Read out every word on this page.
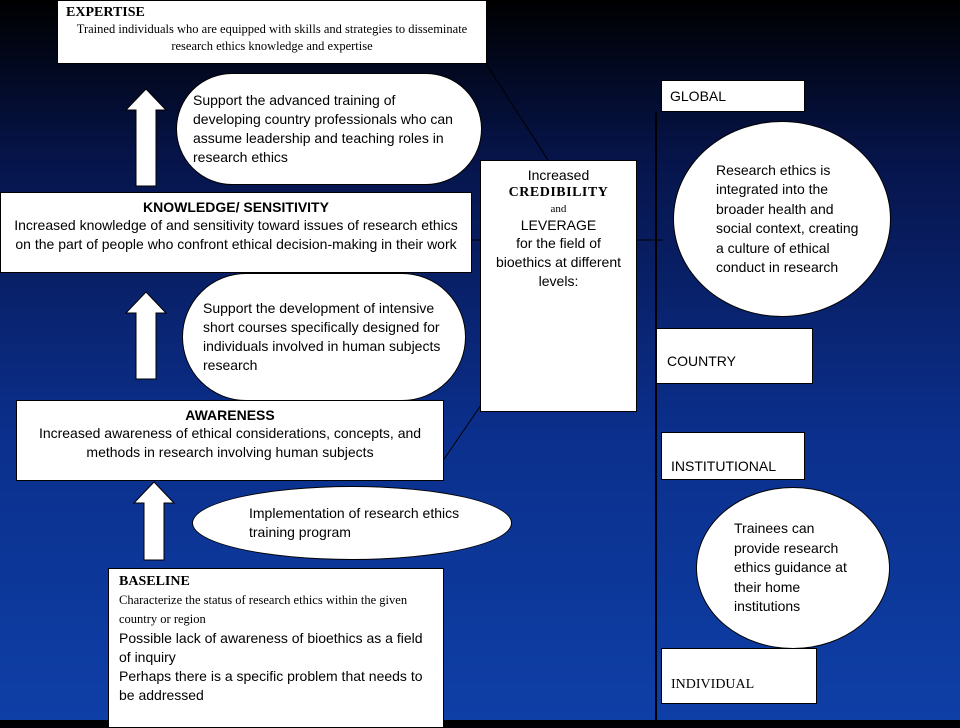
EXPERTISE
Trained individuals who are equipped with skills and strategies to disseminate research ethics knowledge and expertise
Support the advanced training of developing country professionals who can assume leadership and teaching roles in research ethics
KNOWLEDGE/ SENSITIVITY
Increased knowledge of and sensitivity toward issues of research ethics on the part of people who confront ethical decision-making in their work
Support the development of intensive short courses specifically designed for individuals involved in human subjects research
AWARENESS
Increased awareness of ethical considerations, concepts, and methods in research involving human subjects
Implementation of research ethics training program
BASELINE
Characterize the status of research ethics within the given country or region
Possible lack of awareness of bioethics as a field of inquiry
Perhaps there is a specific problem that needs to be addressed
Increased
CREDIBILITY
and
LEVERAGE
for the field of bioethics at different levels:
GLOBAL
COUNTRY
INSTITUTIONAL
INDIVIDUAL
Research ethics is integrated into the broader health and social context, creating a culture of ethical conduct in research
Trainees can provide research ethics guidance at their home institutions
